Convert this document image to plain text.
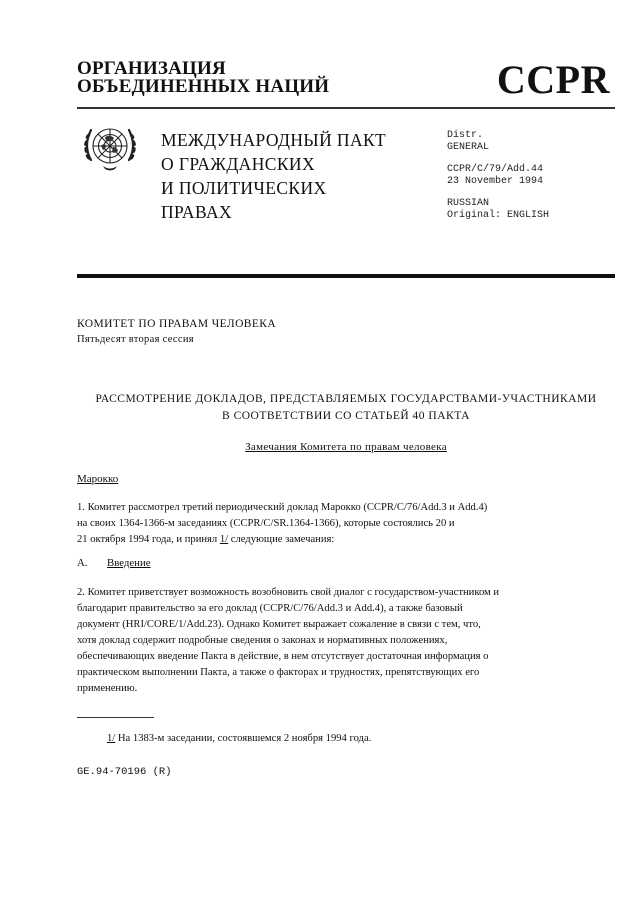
ОРГАНИЗАЦИЯ
ОБЪЕДИНЕННЫХ НАЦИЙ	CCPR
МЕЖДУНАРОДНЫЙ ПАКТ
О ГРАЖДАНСКИХ
И ПОЛИТИЧЕСКИХ
ПРАВАХ
Distr.
GENERAL
CCPR/C/79/Add.44
23 November 1994
RUSSIAN
Original: ENGLISH
КОМИТЕТ ПО ПРАВАМ ЧЕЛОВЕКА
Пятьдесят вторая сессия
РАССМОТРЕНИЕ ДОКЛАДОВ, ПРЕДСТАВЛЯЕМЫХ ГОСУДАРСТВАМИ-УЧАСТНИКАМИ
В СООТВЕТСТВИИ СО СТАТЬЕЙ 40 ПАКТА
Замечания Комитета по правам человека
Марокко
1. Комитет рассмотрел третий периодический доклад Марокко (CCPR/C/76/Add.3 и Add.4)
на своих 1364-1366-м заседаниях (CCPR/C/SR.1364-1366), которые состоялись 20 и
21 октября 1994 года, и принял 1/ следующие замечания:
A. Введение
2. Комитет приветствует возможность возобновить свой диалог с государством-участником и
благодарит правительство за его доклад (CCPR/C/76/Add.3 и Add.4), а также базовый
документ (HRI/CORE/1/Add.23). Однако Комитет выражает сожаление в связи с тем, что,
хотя доклад содержит подробные сведения о законах и нормативных положениях,
обеспечивающих введение Пакта в действие, в нем отсутствует достаточная информация о
практическом выполнении Пакта, а также о факторах и трудностях, препятствующих его
применению.
1/ На 1383-м заседании, состоявшемся 2 ноября 1994 года.
GE.94-70196 (R)
